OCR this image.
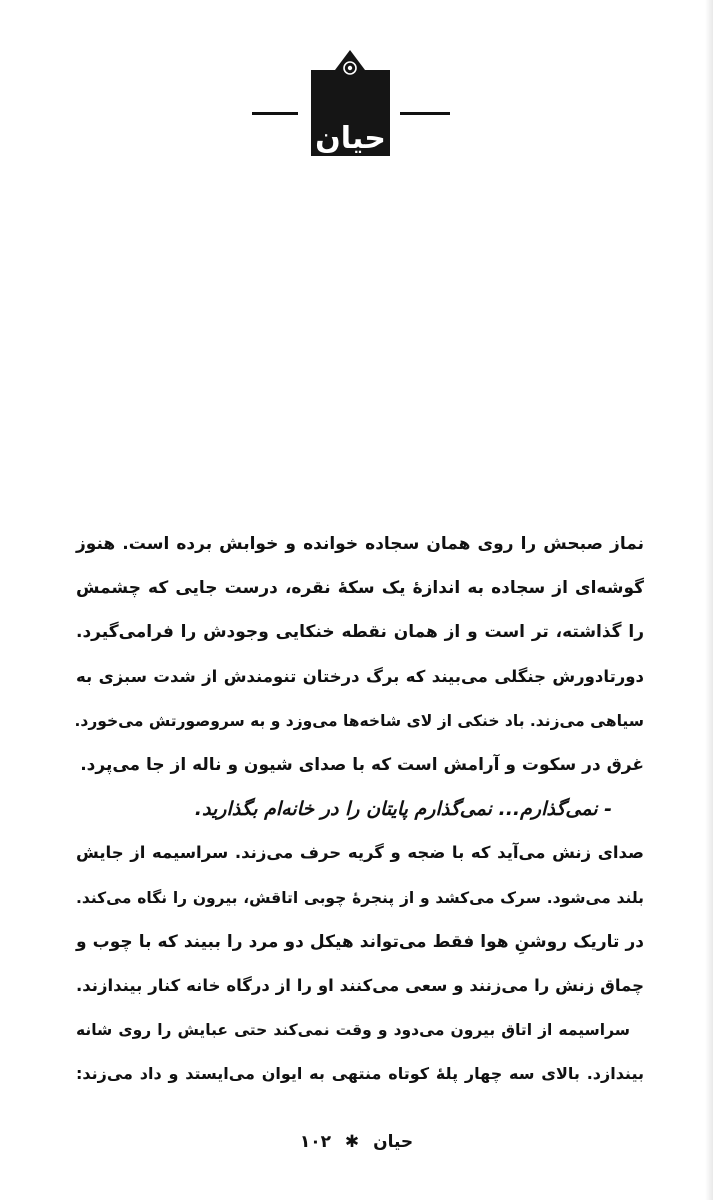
حیان
نماز صبحش را روی همان سجاده خوانده و خوابش برده است. هنوز
گوشه‌ای از سجاده به اندازهٔ یک سکهٔ نقره، درست جایی که چشمش
را گذاشته، تر است و از همان نقطه خنکایی وجودش را فرامی‌گیرد.
دورتادورش جنگلی می‌بیند که برگ درختان تنومندش از شدت سبزی به
سیاهی می‌زند. باد خنکی از لای شاخه‌ها می‌وزد و به سروصورتش می‌خورد.
غرق در سکوت و آرامش است که با صدای شیون و ناله از جا می‌پرد.
- نمی‌گذارم... نمی‌گذارم پایتان را در خانه‌ام بگذارید.
صدای زنش می‌آید که با ضجه و گریه حرف می‌زند. سراسیمه از جایش
بلند می‌شود. سرک می‌کشد و از پنجرهٔ چوبی اتاقش، بیرون را نگاه می‌کند.
در تاریک روشنِ هوا فقط می‌تواند هیکل دو مرد را ببیند که با چوب و
چماق زنش را می‌زنند و سعی می‌کنند او را از درگاه خانه کنار بیندازند.
سراسیمه از اتاق بیرون می‌دود و وقت نمی‌کند حتی عبایش را روی شانه
بیندازد. بالای سه چهار پلهٔ کوتاه منتهی به ایوان می‌ایستد و داد می‌زند:
حیان ✱ ۱۰۲
